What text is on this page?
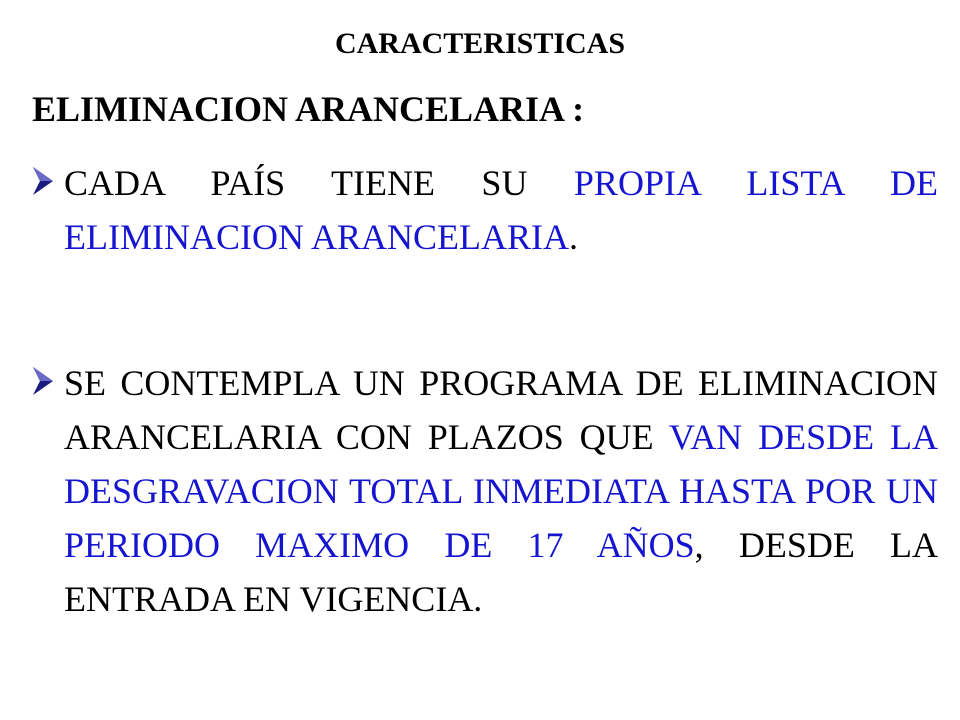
CARACTERISTICAS
ELIMINACION ARANCELARIA :
CADA PAÍS TIENE SU PROPIA LISTA DE ELIMINACION ARANCELARIA.
SE CONTEMPLA UN PROGRAMA DE ELIMINACION ARANCELARIA CON PLAZOS QUE VAN DESDE LA DESGRAVACION TOTAL INMEDIATA HASTA POR UN PERIODO MAXIMO DE 17 AÑOS, DESDE LA ENTRADA EN VIGENCIA.
